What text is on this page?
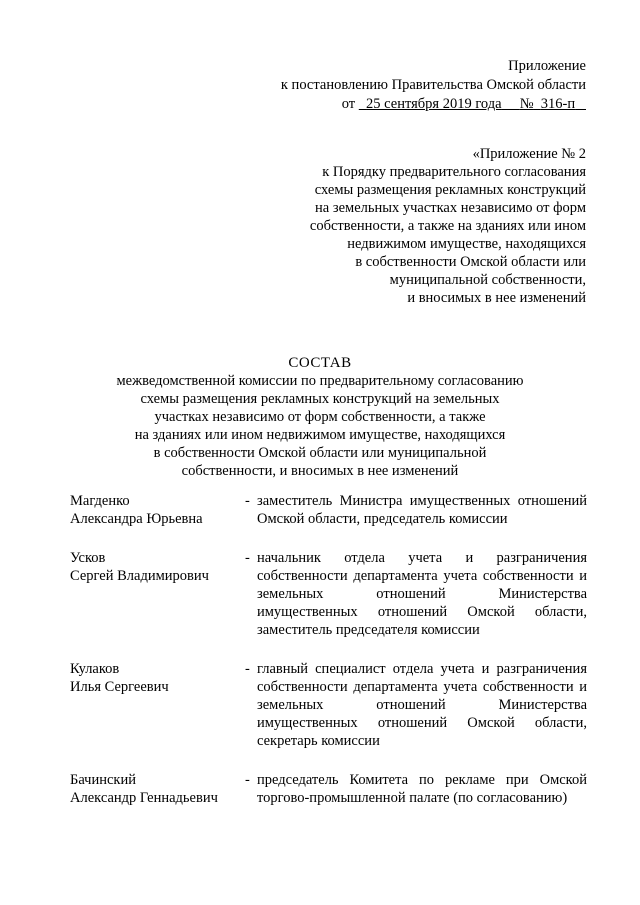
Приложение
к постановлению Правительства Омской области
от 25 сентября 2019 года № 316-п
«Приложение № 2
к Порядку предварительного согласования
схемы размещения рекламных конструкций
на земельных участках независимо от форм
собственности, а также на зданиях или ином
недвижимом имуществе, находящихся
в собственности Омской области или
муниципальной собственности,
и вносимых в нее изменений
СОСТАВ
межведомственной комиссии по предварительному согласованию
схемы размещения рекламных конструкций на земельных
участках независимо от форм собственности, а также
на зданиях или ином недвижимом имуществе, находящихся
в собственности Омской области или муниципальной
собственности, и вносимых в нее изменений
Магденко
Александра Юрьевна
- заместитель Министра имущественных отношений Омской области, председатель комиссии
Усков
Сергей Владимирович
- начальник отдела учета и разграничения собственности департамента учета собственности и земельных отношений Министерства имущественных отношений Омской области, заместитель председателя комиссии
Кулаков
Илья Сергеевич
- главный специалист отдела учета и разграничения собственности департамента учета собственности и земельных отношений Министерства имущественных отношений Омской области, секретарь комиссии
Бачинский
Александр Геннадьевич
- председатель Комитета по рекламе при Омской торгово-промышленной палате (по согласованию)
